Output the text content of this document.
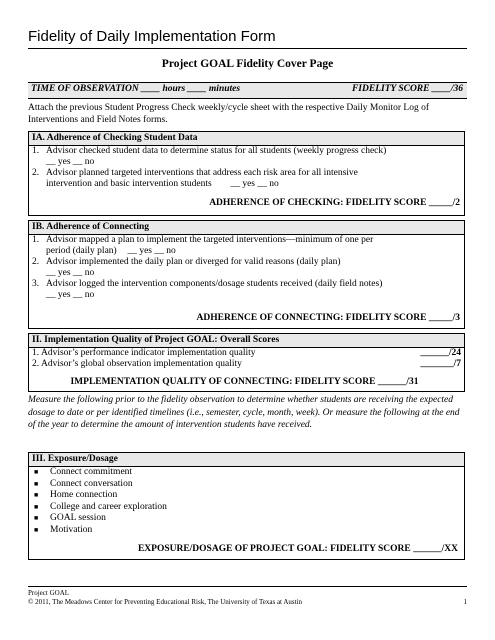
Fidelity of Daily Implementation Form
Project GOAL Fidelity Cover Page
TIME OF OBSERVATION ____ hours ____ minutes	FIDELITY SCORE ____/36
Attach the previous Student Progress Check weekly/cycle sheet with the respective Daily Monitor Log of Interventions and Field Notes forms.
IA. Adherence of Checking Student Data
1. Advisor checked student data to determine status for all students (weekly progress check)
__ yes __ no
2. Advisor planned targeted interventions that address each risk area for all intensive
intervention and basic intervention students __ yes __ no
ADHERENCE OF CHECKING: FIDELITY SCORE _____/2
IB. Adherence of Connecting
1. Advisor mapped a plan to implement the targeted interventions—minimum of one per
period (daily plan) __ yes __ no
2. Advisor implemented the daily plan or diverged for valid reasons (daily plan)
__ yes __ no
3. Advisor logged the intervention components/dosage students received (daily field notes)
__ yes __ no
ADHERENCE OF CONNECTING: FIDELITY SCORE _____/3
II. Implementation Quality of Project GOAL: Overall Scores
1. Advisor’s performance indicator implementation quality	______/24
2. Advisor’s global observation implementation quality	_______/7
IMPLEMENTATION QUALITY OF CONNECTING: FIDELITY SCORE ______/31
Measure the following prior to the fidelity observation to determine whether students are receiving the expected dosage to date or per identified timelines (i.e., semester, cycle, month, week). Or measure the following at the end of the year to determine the amount of intervention students have received.
III. Exposure/Dosage
■	Connect commitment
■	Connect conversation
■	Home connection
■	College and career exploration
■	GOAL session
■	Motivation
EXPOSURE/DOSAGE OF PROJECT GOAL: FIDELITY SCORE ______/XX
Project GOAL
© 2011, The Meadows Center for Preventing Educational Risk, The University of Texas at Austin	1
